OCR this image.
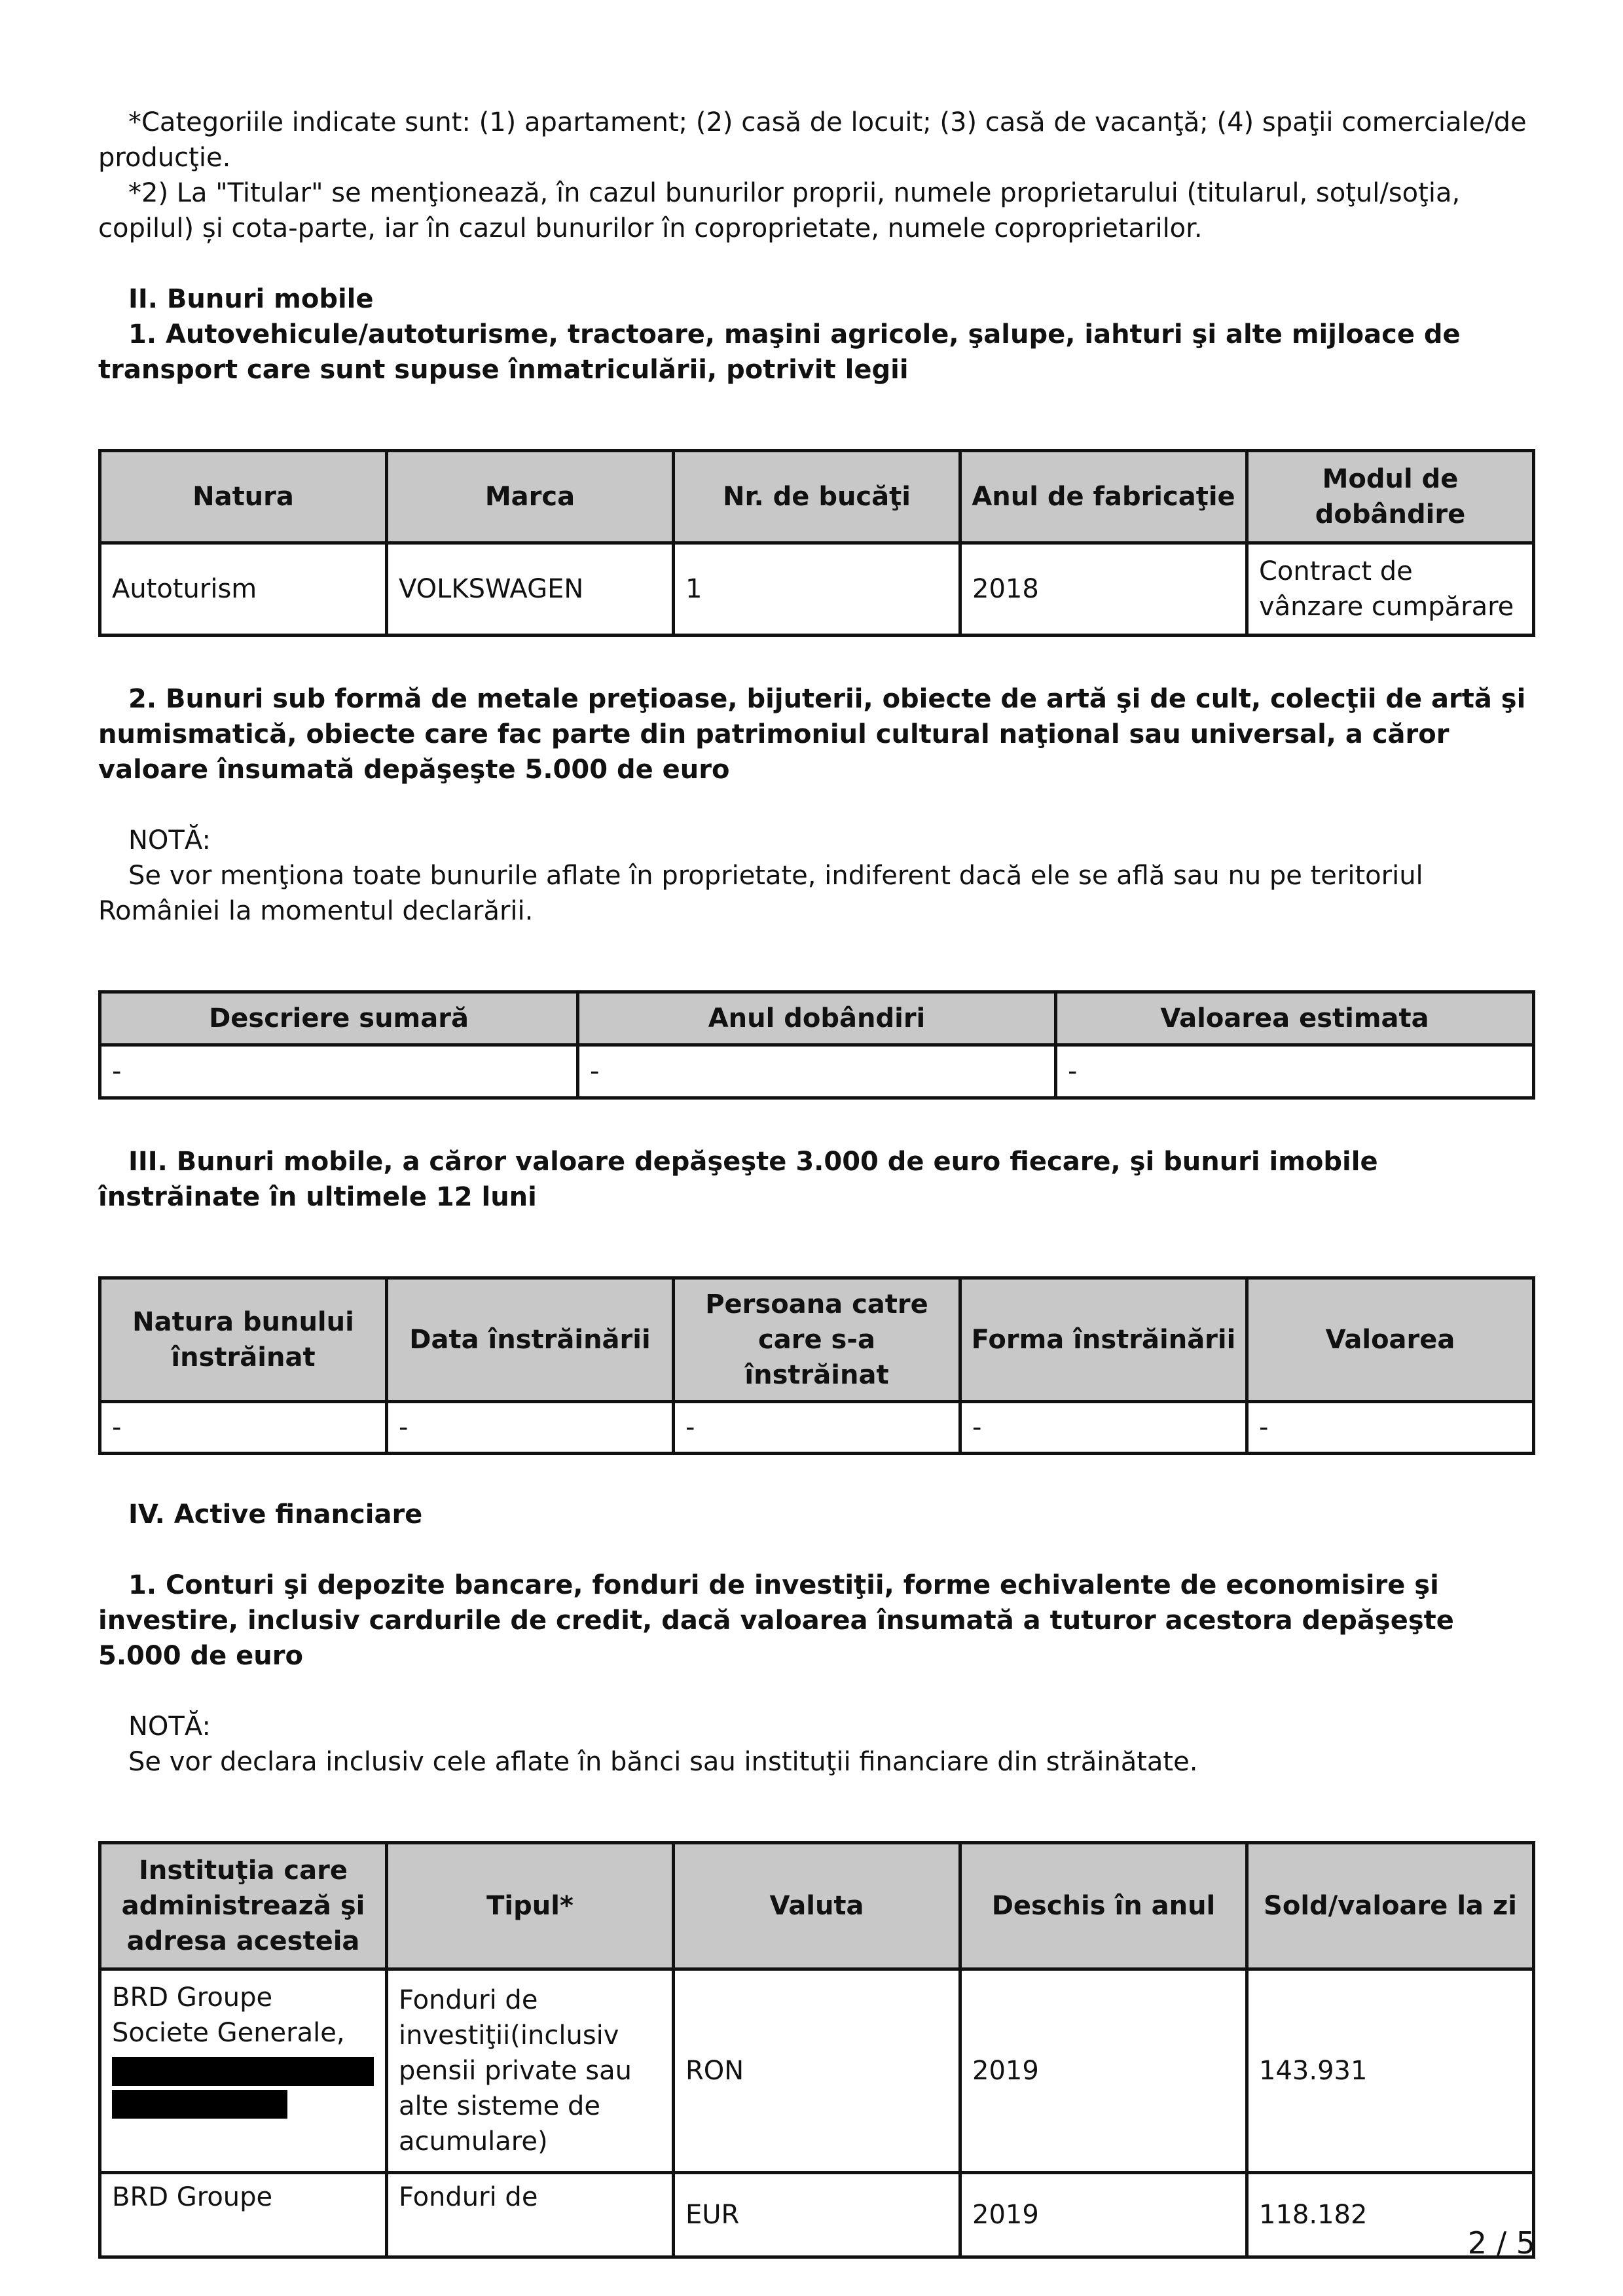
*Categoriile indicate sunt: (1) apartament; (2) casă de locuit; (3) casă de vacanţă; (4) spaţii comerciale/de producţie.

*2) La "Titular" se menţionează, în cazul bunurilor proprii, numele proprietarului (titularul, soţul/soţia, copilul) și cota-parte, iar în cazul bunurilor în coproprietate, numele coproprietarilor.

II. Bunuri mobile

1. Autovehicule/autoturisme, tractoare, maşini agricole, şalupe, iahturi şi alte mijloace de transport care sunt supuse înmatriculării, potrivit legii

Natura	Marca	Nr. de bucăţi	Anul de fabricaţie	Modul de dobândire
Autoturism	VOLKSWAGEN	1	2018	Contract de vânzare cumpărare

2. Bunuri sub formă de metale preţioase, bijuterii, obiecte de artă şi de cult, colecţii de artă şi numismatică, obiecte care fac parte din patrimoniul cultural naţional sau universal, a căror valoare însumată depăşeşte 5.000 de euro

NOTĂ:

Se vor menţiona toate bunurile aflate în proprietate, indiferent dacă ele se află sau nu pe teritoriul României la momentul declarării.

Descriere sumară	Anul dobândiri	Valoarea estimata
-	-	-

III. Bunuri mobile, a căror valoare depăşeşte 3.000 de euro fiecare, şi bunuri imobile înstrăinate în ultimele 12 luni

Natura bunului înstrăinat	Data înstrăinării	Persoana catre care s-a înstrăinat	Forma înstrăinării	Valoarea
-	-	-	-	-

IV. Active financiare

1. Conturi şi depozite bancare, fonduri de investiţii, forme echivalente de economisire şi investire, inclusiv cardurile de credit, dacă valoarea însumată a tuturor acestora depăşeşte 5.000 de euro

NOTĂ:

Se vor declara inclusiv cele aflate în bănci sau instituţii financiare din străinătate.

Instituţia care administrează şi adresa acesteia	Tipul*	Valuta	Deschis în anul	Sold/valoare la zi
BRD Groupe Societe Generale,	Fonduri de investiţii(inclusiv pensii private sau alte sisteme de acumulare)	RON	2019	143.931
BRD Groupe	Fonduri de	EUR	2019	118.182
2 / 5
